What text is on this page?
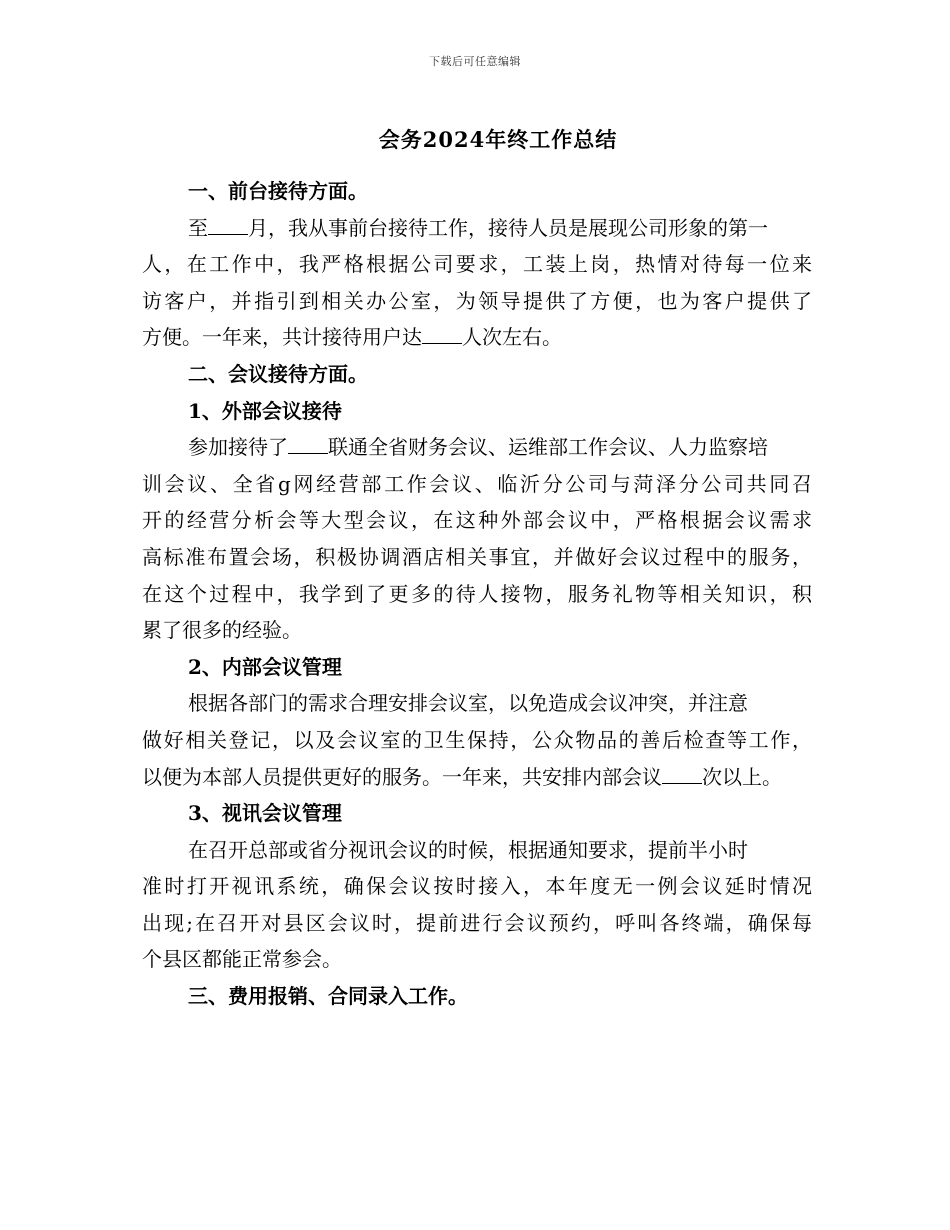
下载后可任意编辑
会务2024年终工作总结
一、前台接待方面。
至 月，我从事前台接待工作，接待人员是展现公司形象的第一
人，在工作中，我严格根据公司要求，工装上岗，热情对待每一位来
访客户，并指引到相关办公室，为领导提供了方便，也为客户提供了
方便。一年来，共计接待用户达 人次左右。
二、会议接待方面。
1、外部会议接待
参加接待了 联通全省财务会议、运维部工作会议、人力监察培
训会议、全省g网经营部工作会议、临沂分公司与菏泽分公司共同召
开的经营分析会等大型会议，在这种外部会议中，严格根据会议需求
高标准布置会场，积极协调酒店相关事宜，并做好会议过程中的服务，
在这个过程中，我学到了更多的待人接物，服务礼物等相关知识，积
累了很多的经验。
2、内部会议管理
根据各部门的需求合理安排会议室，以免造成会议冲突，并注意
做好相关登记，以及会议室的卫生保持，公众物品的善后检查等工作，
以便为本部人员提供更好的服务。一年来，共安排内部会议 次以上。
3、视讯会议管理
在召开总部或省分视讯会议的时候，根据通知要求，提前半小时
准时打开视讯系统，确保会议按时接入，本年度无一例会议延时情况
出现;在召开对县区会议时，提前进行会议预约，呼叫各终端，确保每
个县区都能正常参会。
三、费用报销、合同录入工作。
